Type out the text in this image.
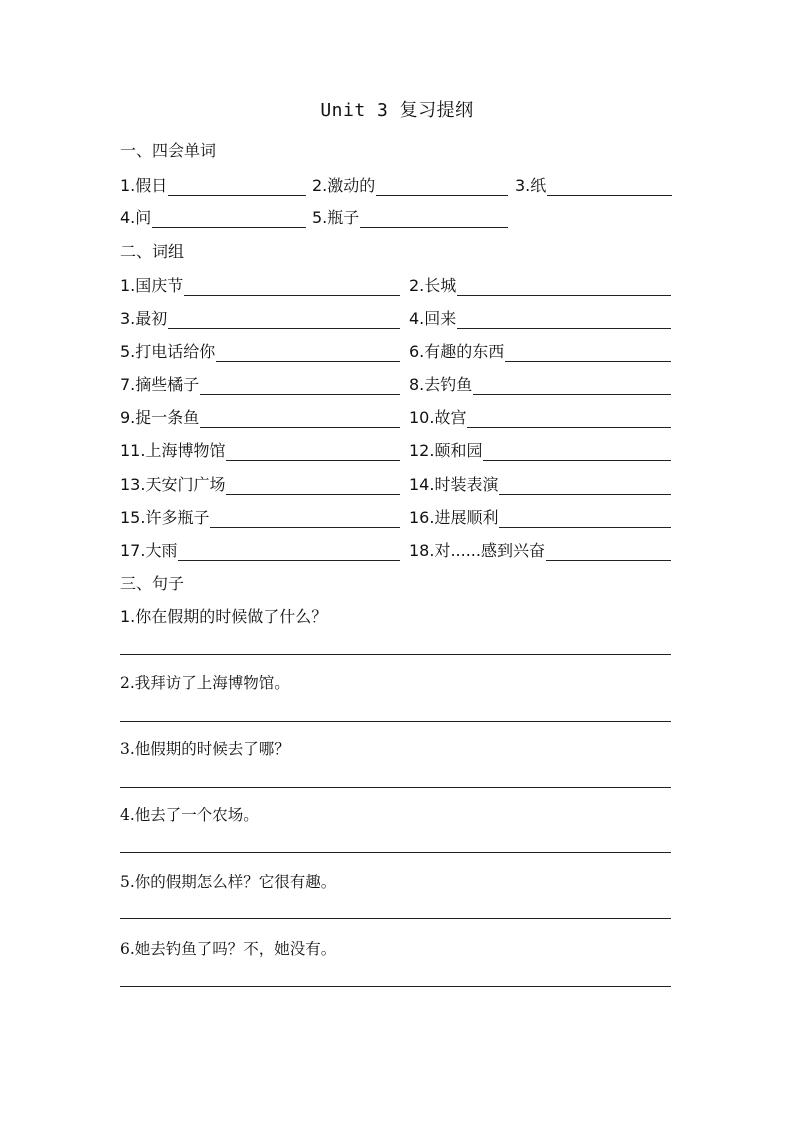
Unit 3 复习提纲
一、四会单词
1.假日	2.激动的	3.纸
4.问	5.瓶子
二、词组
1.国庆节	2.长城
3.最初	4.回来
5.打电话给你	6.有趣的东西
7.摘些橘子	8.去钓鱼
9.捉一条鱼	10.故宫
11.上海博物馆	12.颐和园
13.天安门广场	14.时装表演
15.许多瓶子	16.进展顺利
17.大雨	18.对......感到兴奋
三、句子
1.你在假期的时候做了什么？
2.我拜访了上海博物馆。
3.他假期的时候去了哪？
4.他去了一个农场。
5.你的假期怎么样？它很有趣。
6.她去钓鱼了吗？不，她没有。
